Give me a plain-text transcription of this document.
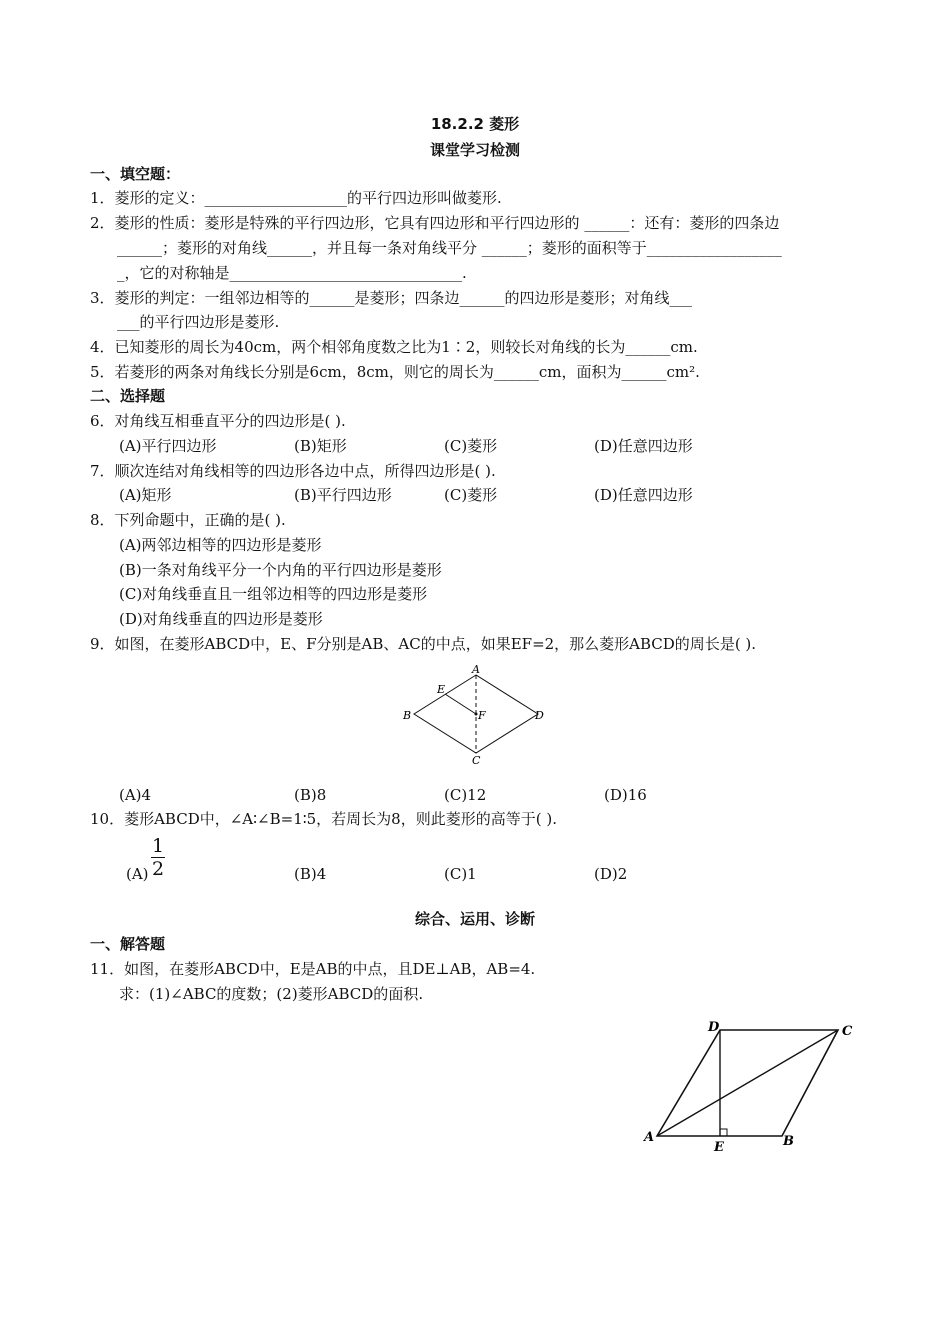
18.2.2 菱形
课堂学习检测
一、填空题：
1．菱形的定义：___________________的平行四边形叫做菱形.
2．菱形的性质：菱形是特殊的平行四边形，它具有四边形和平行四边形的 ______：还有：菱形的四条边
______；菱形的对角线______，并且每一条对角线平分 ______；菱形的面积等于__________________
_，它的对称轴是_______________________________.
3．菱形的判定：一组邻边相等的______是菱形；四条边______的四边形是菱形；对角线___
___的平行四边形是菱形.
4．已知菱形的周长为40cm，两个相邻角度数之比为1∶2，则较长对角线的长为______cm.
5．若菱形的两条对角线长分别是6cm，8cm，则它的周长为______cm，面积为______cm².
二、选择题
6．对角线互相垂直平分的四边形是( ).
(A)平行四边形	(B)矩形	(C)菱形	(D)任意四边形
7．顺次连结对角线相等的四边形各边中点，所得四边形是( ).
(A)矩形	(B)平行四边形	(C)菱形	(D)任意四边形
8．下列命题中，正确的是( ).
(A)两邻边相等的四边形是菱形
(B)一条对角线平分一个内角的平行四边形是菱形
(C)对角线垂直且一组邻边相等的四边形是菱形
(D)对角线垂直的四边形是菱形
9．如图，在菱形ABCD中，E、F分别是AB、AC的中点，如果EF=2，那么菱形ABCD的周长是( ).
A
E
B	F	D
C
(A)4	(B)8	(C)12	(D)16
10．菱形ABCD中，∠A∶∠B=1∶5，若周长为8，则此菱形的高等于( ).
(A)
1
2	(B)4	(C)1	(D)2
综合、运用、诊断
一、解答题
11．如图，在菱形ABCD中，E是AB的中点，且DE⊥AB，AB=4.
求：(1)∠ABC的度数；(2)菱形ABCD的面积.
D	C
A
E	B
